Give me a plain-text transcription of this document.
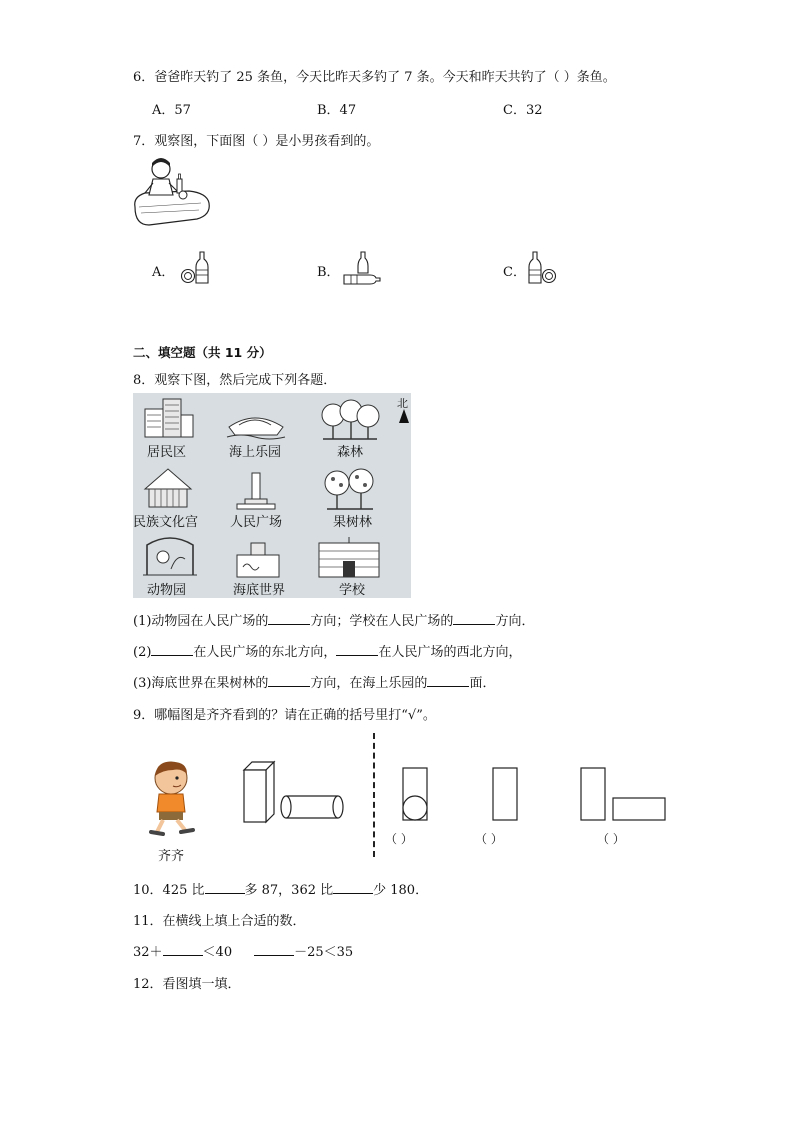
6．爸爸昨天钓了 25 条鱼，今天比昨天多钓了 7 条。今天和昨天共钓了（ ）条鱼。
A．57	B．47	C．32
7．观察图，下面图（ ）是小男孩看到的。
A．	B．	C．
二、填空题（共 11 分）
8．观察下图，然后完成下列各题．
北
居民区	海上乐园	森林
民族文化宫 人民广场	果树林
动物园	海底世界	学校
(1)动物园在人民广场的	方向；学校在人民广场的	方向．
(2)	在人民广场的东北方向，	在人民广场的西北方向，
(3)海底世界在果树林的	方向，在海上乐园的	面．
9．哪幅图是齐齐看到的？请在正确的括号里打“√”。
齐齐
（ ）	（ ）	（ ）
10．425 比	多 87，362 比	少 180．
11．在横线上填上合适的数．
32＋	＜40	－25＜35
12．看图填一填．
